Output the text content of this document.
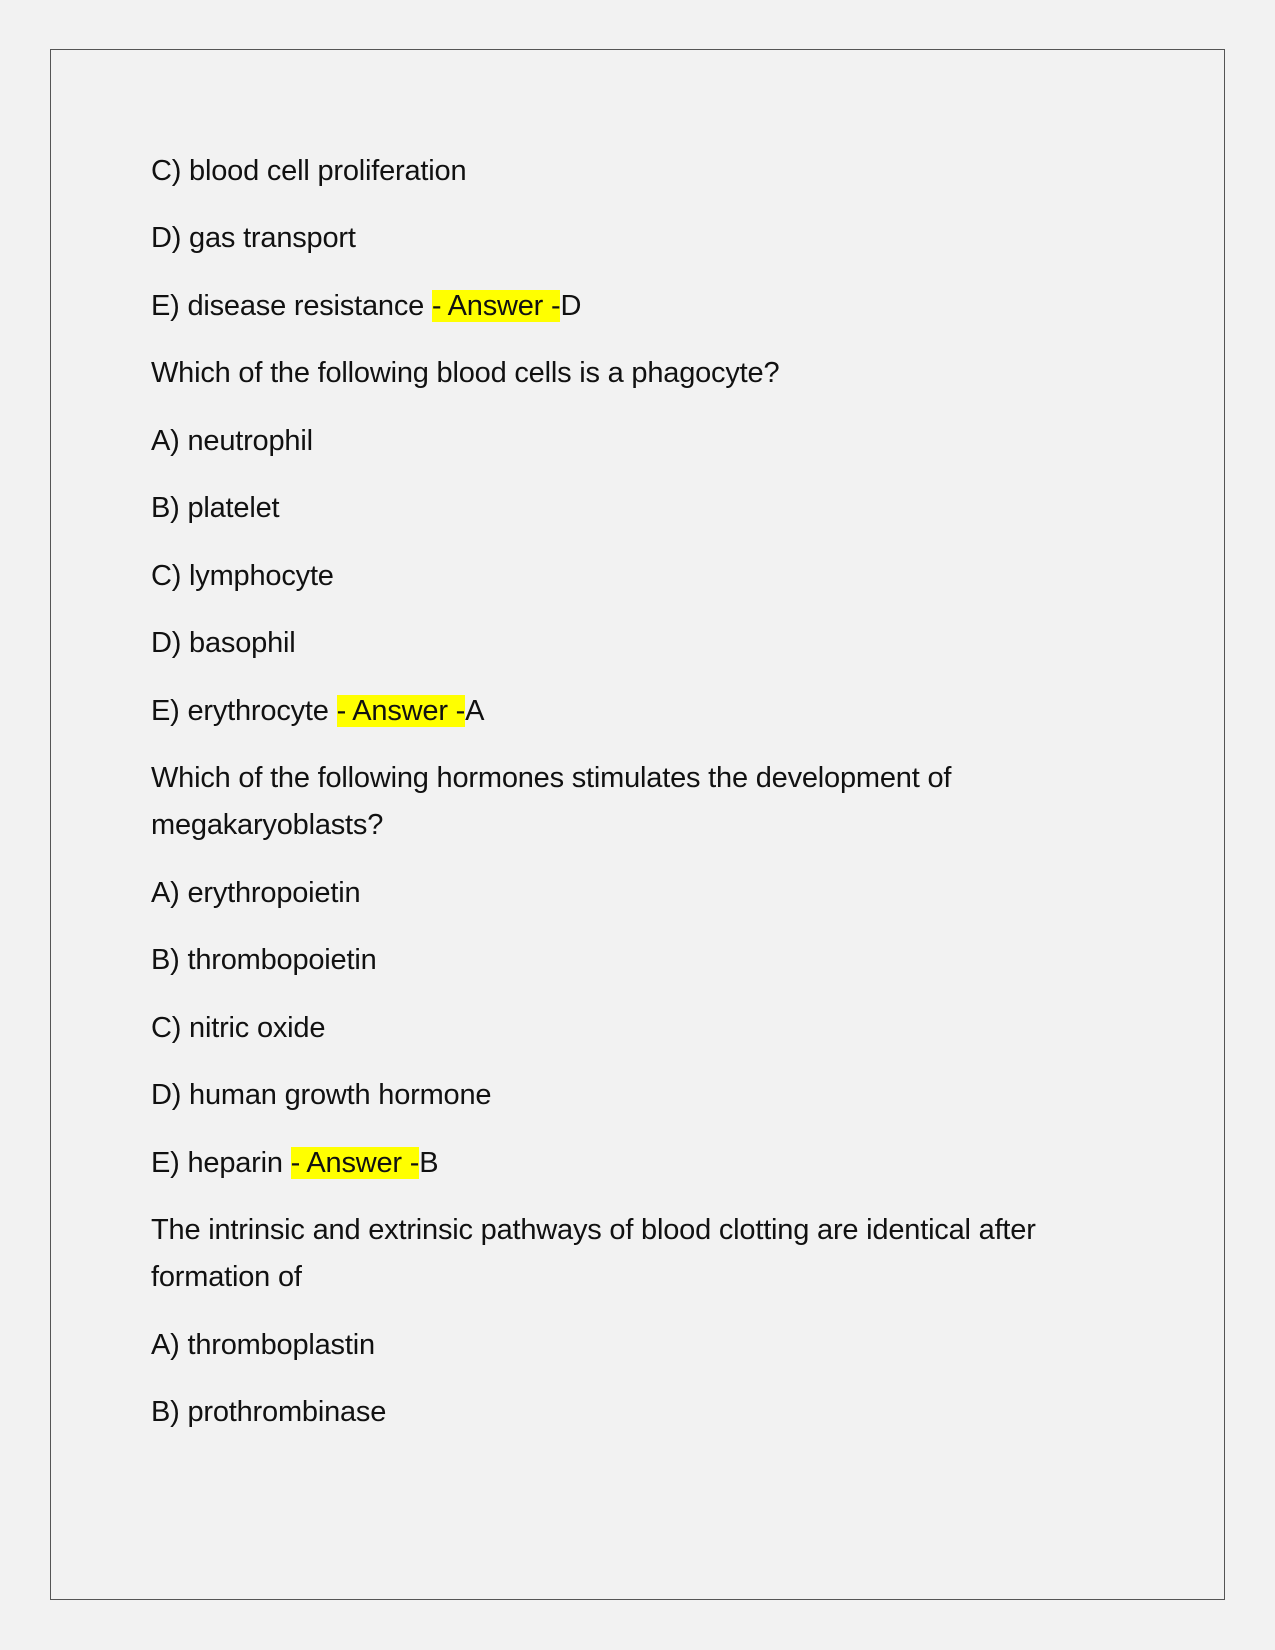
C) blood cell proliferation
D) gas transport
E) disease resistance - Answer -D
Which of the following blood cells is a phagocyte?
A) neutrophil
B) platelet
C) lymphocyte
D) basophil
E) erythrocyte - Answer -A
Which of the following hormones stimulates the development of
megakaryoblasts?
A) erythropoietin
B) thrombopoietin
C) nitric oxide
D) human growth hormone
E) heparin - Answer -B
The intrinsic and extrinsic pathways of blood clotting are identical after
formation of
A) thromboplastin
B) prothrombinase
